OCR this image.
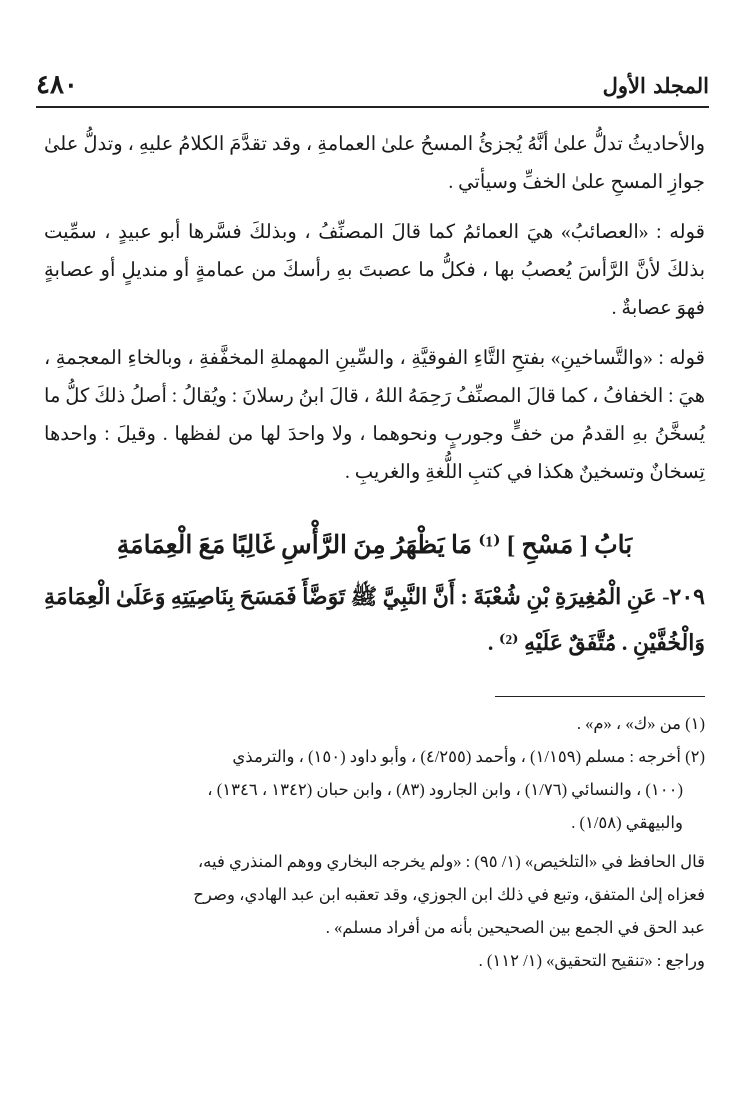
٤٨٠	المجلد الأول

والأحاديثُ تدلُّ علىٰ أنَّهُ يُجزئُ المسحُ علىٰ العمامةِ ، وقد تقدَّمَ الكلامُ عليهِ ، وتدلُّ علىٰ جوازِ المسحِ علىٰ الخفِّ وسيأتي .

قوله : «العصائبُ» هيَ العمائمُ كما قالَ المصنِّفُ ، وبذلكَ فسَّرها أبو عبيدٍ ، سمِّيت بذلكَ لأنَّ الرَّأسَ يُعصبُ بها ، فكلُّ ما عصبتَ بهِ رأسكَ من عمامةٍ أو منديلٍ أو عصابةٍ فهوَ عصابةٌ .

قوله : «والتَّساخينِ» بفتحِ التَّاءِ الفوقيَّةِ ، والسِّينِ المهملةِ المخفَّفةِ ، وبالخاءِ المعجمةِ ، هيَ : الخفافُ ، كما قالَ المصنِّفُ رَحِمَهُ اللهُ ، قالَ ابنُ رسلانَ : ويُقالُ : أصلُ ذلكَ كلُّ ما يُسخَّنُ بهِ القدمُ من خفٍّ وجوربٍ ونحوهما ، ولا واحدَ لها من لفظها . وقيلَ : واحدها تِسخانٌ وتسخينٌ هكذا في كتبِ اللُّغةِ والغريبِ .

بَابُ [ مَسْحِ ] ⁽¹⁾ مَا يَظْهَرُ مِنَ الرَّأْسِ غَالِبًا مَعَ الْعِمَامَةِ

٢٠٩- عَنِ الْمُغِيرَةِ بْنِ شُعْبَةَ : أَنَّ النَّبِيَّ ﷺ تَوَضَّأَ فَمَسَحَ بِنَاصِيَتِهِ وَعَلَىٰ الْعِمَامَةِ وَالْخُفَّيْنِ . مُتَّفَقٌ عَلَيْهِ ⁽²⁾ .

(١) من «ك» ، «م» .

(٢) أخرجه : مسلم (١/١٥٩) ، وأحمد (٤/٢٥٥) ، وأبو داود (١٥٠) ، والترمذي

(١٠٠) ، والنسائي (١/٧٦) ، وابن الجارود (٨٣) ، وابن حبان (١٣٤٢ ، ١٣٤٦) ،

والبيهقي (١/٥٨) .

قال الحافظ في «التلخيص» (١/ ٩٥) : «ولم يخرجه البخاري ووهم المنذري فيه،

فعزاه إلىٰ المتفق، وتبع في ذلك ابن الجوزي، وقد تعقبه ابن عبد الهادي، وصرح

عبد الحق في الجمع بين الصحيحين بأنه من أفراد مسلم» .

وراجع : «تنقيح التحقيق» (١/ ١١٢) .
